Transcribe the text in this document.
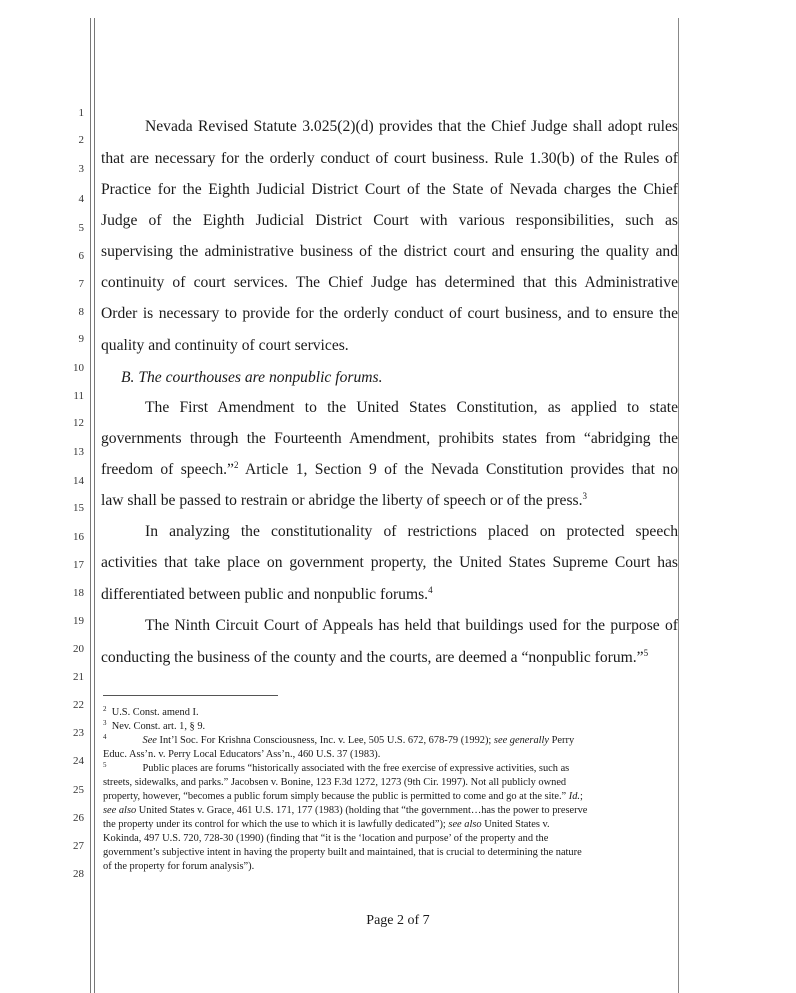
1
2
3
4
5
6
7
8
9
10
11
12
13
14
15
16
17
18
19
20
21
22
23
24
25
26
27
28
Nevada Revised Statute 3.025(2)(d) provides that the Chief Judge shall adopt rules
that are necessary for the orderly conduct of court business. Rule 1.30(b) of the Rules of
Practice for the Eighth Judicial District Court of the State of Nevada charges the Chief
Judge of the Eighth Judicial District Court with various responsibilities, such as
supervising the administrative business of the district court and ensuring the quality and
continuity of court services. The Chief Judge has determined that this Administrative
Order is necessary to provide for the orderly conduct of court business, and to ensure the
quality and continuity of court services.
B. The courthouses are nonpublic forums.
The First Amendment to the United States Constitution, as applied to state
governments through the Fourteenth Amendment, prohibits states from “abridging the
freedom of speech.”$^2$ Article 1, Section 9 of the Nevada Constitution provides that no
law shall be passed to restrain or abridge the liberty of speech or of the press.$^3$
In analyzing the constitutionality of restrictions placed on protected speech
activities that take place on government property, the United States Supreme Court has
differentiated between public and nonpublic forums.$^4$
The Ninth Circuit Court of Appeals has held that buildings used for the purpose of
conducting the business of the county and the courts, are deemed a “nonpublic forum.”$^5$
$^2$ U.S. Const. amend I.
$^3$ Nev. Const. art. 1, § 9.
$^4$	See Int’l Soc. For Krishna Consciousness, Inc. v. Lee, 505 U.S. 672, 678-79 (1992); see generally Perry
Educ. Ass’n. v. Perry Local Educators’ Ass’n., 460 U.S. 37 (1983).
$^5$	Public places are forums “historically associated with the free exercise of expressive activities, such as
streets, sidewalks, and parks.” Jacobsen v. Bonine, 123 F.3d 1272, 1273 (9th Cir. 1997). Not all publicly owned
property, however, “becomes a public forum simply because the public is permitted to come and go at the site.” Id.;
see also United States v. Grace, 461 U.S. 171, 177 (1983) (holding that “the government…has the power to preserve
the property under its control for which the use to which it is lawfully dedicated”); see also United States v.
Kokinda, 497 U.S. 720, 728-30 (1990) (finding that “it is the ‘location and purpose’ of the property and the
government’s subjective intent in having the property built and maintained, that is crucial to determining the nature
of the property for forum analysis”).
Page 2 of 7
